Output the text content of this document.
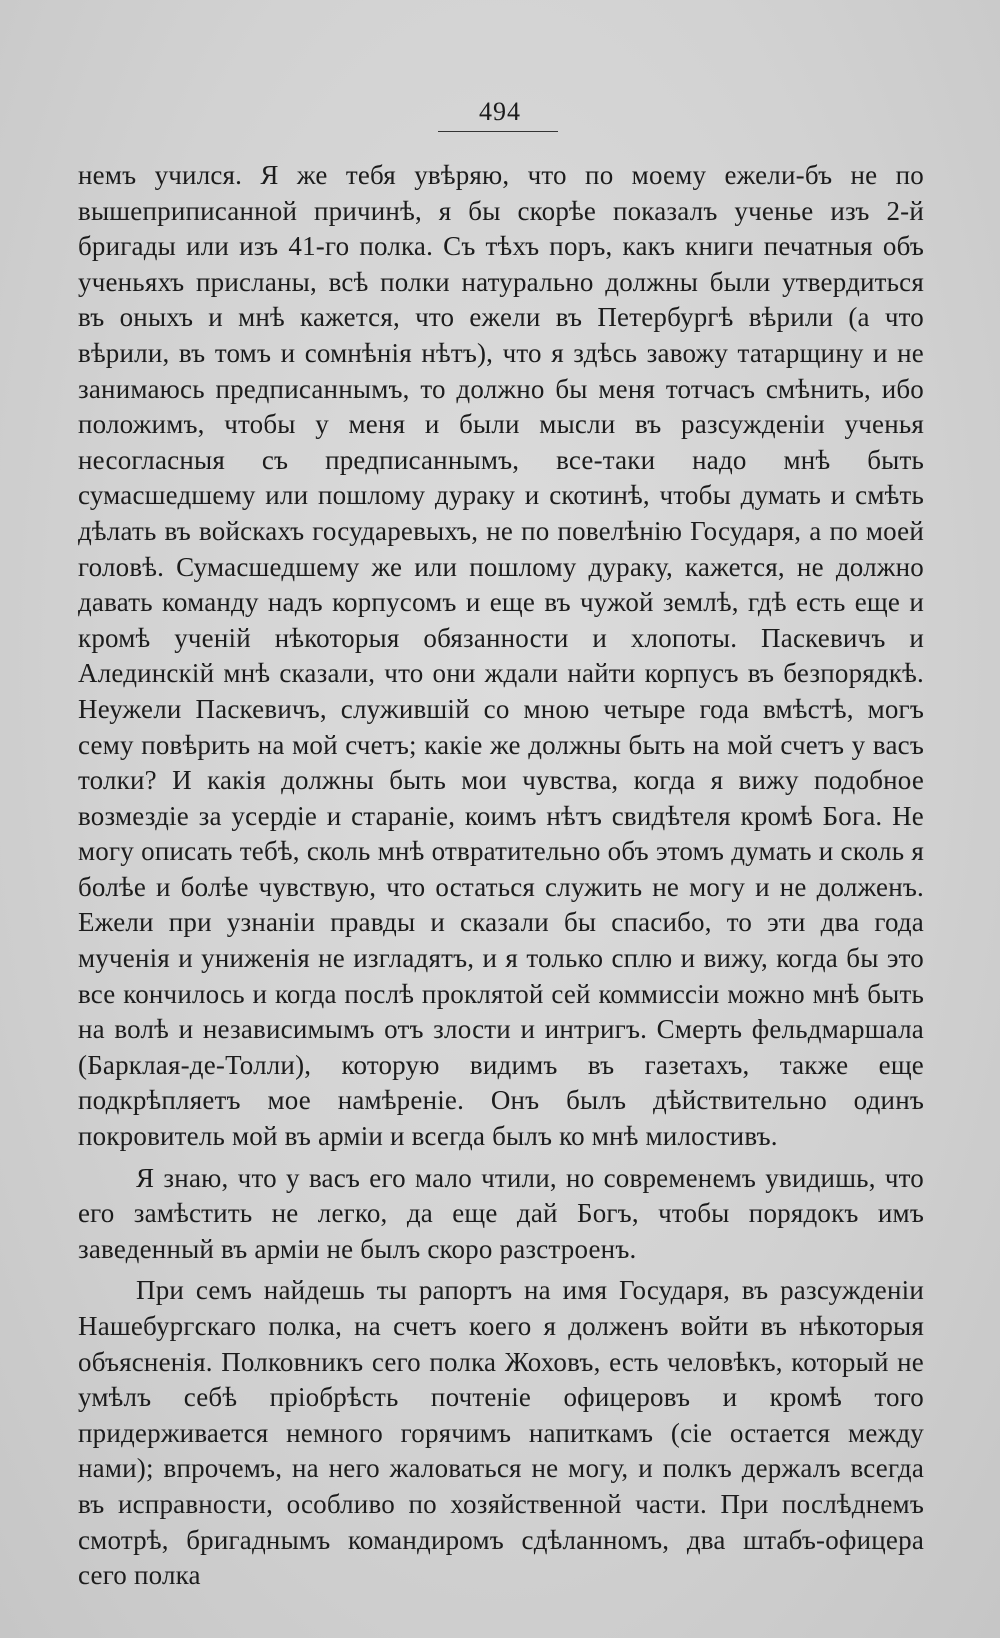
494

немъ учился. Я же тебя увѣряю, что по моему ежели-бъ не по вышеприписанной причинѣ, я бы скорѣе показалъ ученье изъ 2-й бригады или изъ 41-го полка. Съ тѣхъ поръ, какъ книги печатныя объ ученьяхъ присланы, всѣ полки натурально должны были утвердиться въ оныхъ и мнѣ кажется, что ежели въ Петербургѣ вѣрили (а что вѣрили, въ томъ и сомнѣнія нѣтъ), что я здѣсь завожу татарщину и не занимаюсь предписаннымъ, то должно бы меня тотчасъ смѣнить, ибо положимъ, чтобы у меня и были мысли въ разсужденіи ученья несогласныя съ предписаннымъ, все-таки надо мнѣ быть сумасшедшему или пошлому дураку и скотинѣ, чтобы думать и смѣть дѣлать въ войскахъ государевыхъ, не по повелѣнію Государя, а по моей головѣ. Сумасшедшему же или пошлому дураку, кажется, не должно давать команду надъ корпусомъ и еще въ чужой землѣ, гдѣ есть еще и кромѣ ученій нѣкоторыя обязанности и хлопоты. Паскевичъ и Алединскій мнѣ сказали, что они ждали найти корпусъ въ безпорядкѣ. Неужели Паскевичъ, служившій со мною четыре года вмѣстѣ, могъ сему повѣрить на мой счетъ; какіе же должны быть на мой счетъ у васъ толки? И какія должны быть мои чувства, когда я вижу подобное возмездіе за усердіе и стараніе, коимъ нѣтъ свидѣтеля кромѣ Бога. Не могу описать тебѣ, сколь мнѣ отвратительно объ этомъ думать и сколь я болѣе и болѣе чувствую, что остаться служить не могу и не долженъ. Ежели при узнаніи правды и сказали бы спасибо, то эти два года мученія и униженія не изгладятъ, и я только сплю и вижу, когда бы это все кончилось и когда послѣ проклятой сей коммиссіи можно мнѣ быть на волѣ и независимымъ отъ злости и интригъ. Смерть фельдмаршала (Барклая-де-Толли), которую видимъ въ газетахъ, также еще подкрѣпляетъ мое намѣреніе. Онъ былъ дѣйствительно одинъ покровитель мой въ арміи и всегда былъ ко мнѣ милостивъ.

Я знаю, что у васъ его мало чтили, но современемъ увидишь, что его замѣстить не легко, да еще дай Богъ, чтобы порядокъ имъ заведенный въ арміи не былъ скоро разстроенъ.

При семъ найдешь ты рапортъ на имя Государя, въ разсужденіи Нашебургскаго полка, на счетъ коего я долженъ войти въ нѣкоторыя объясненія. Полковникъ сего полка Жоховъ, есть человѣкъ, который не умѣлъ себѣ пріобрѣсть почтеніе офицеровъ и кромѣ того придерживается немного горячимъ напиткамъ (сіе остается между нами); впрочемъ, на него жаловаться не могу, и полкъ держалъ всегда въ исправности, особливо по хозяйственной части. При послѣднемъ смотрѣ, бригаднымъ командиромъ сдѣланномъ, два штабъ-офицера сего полка
